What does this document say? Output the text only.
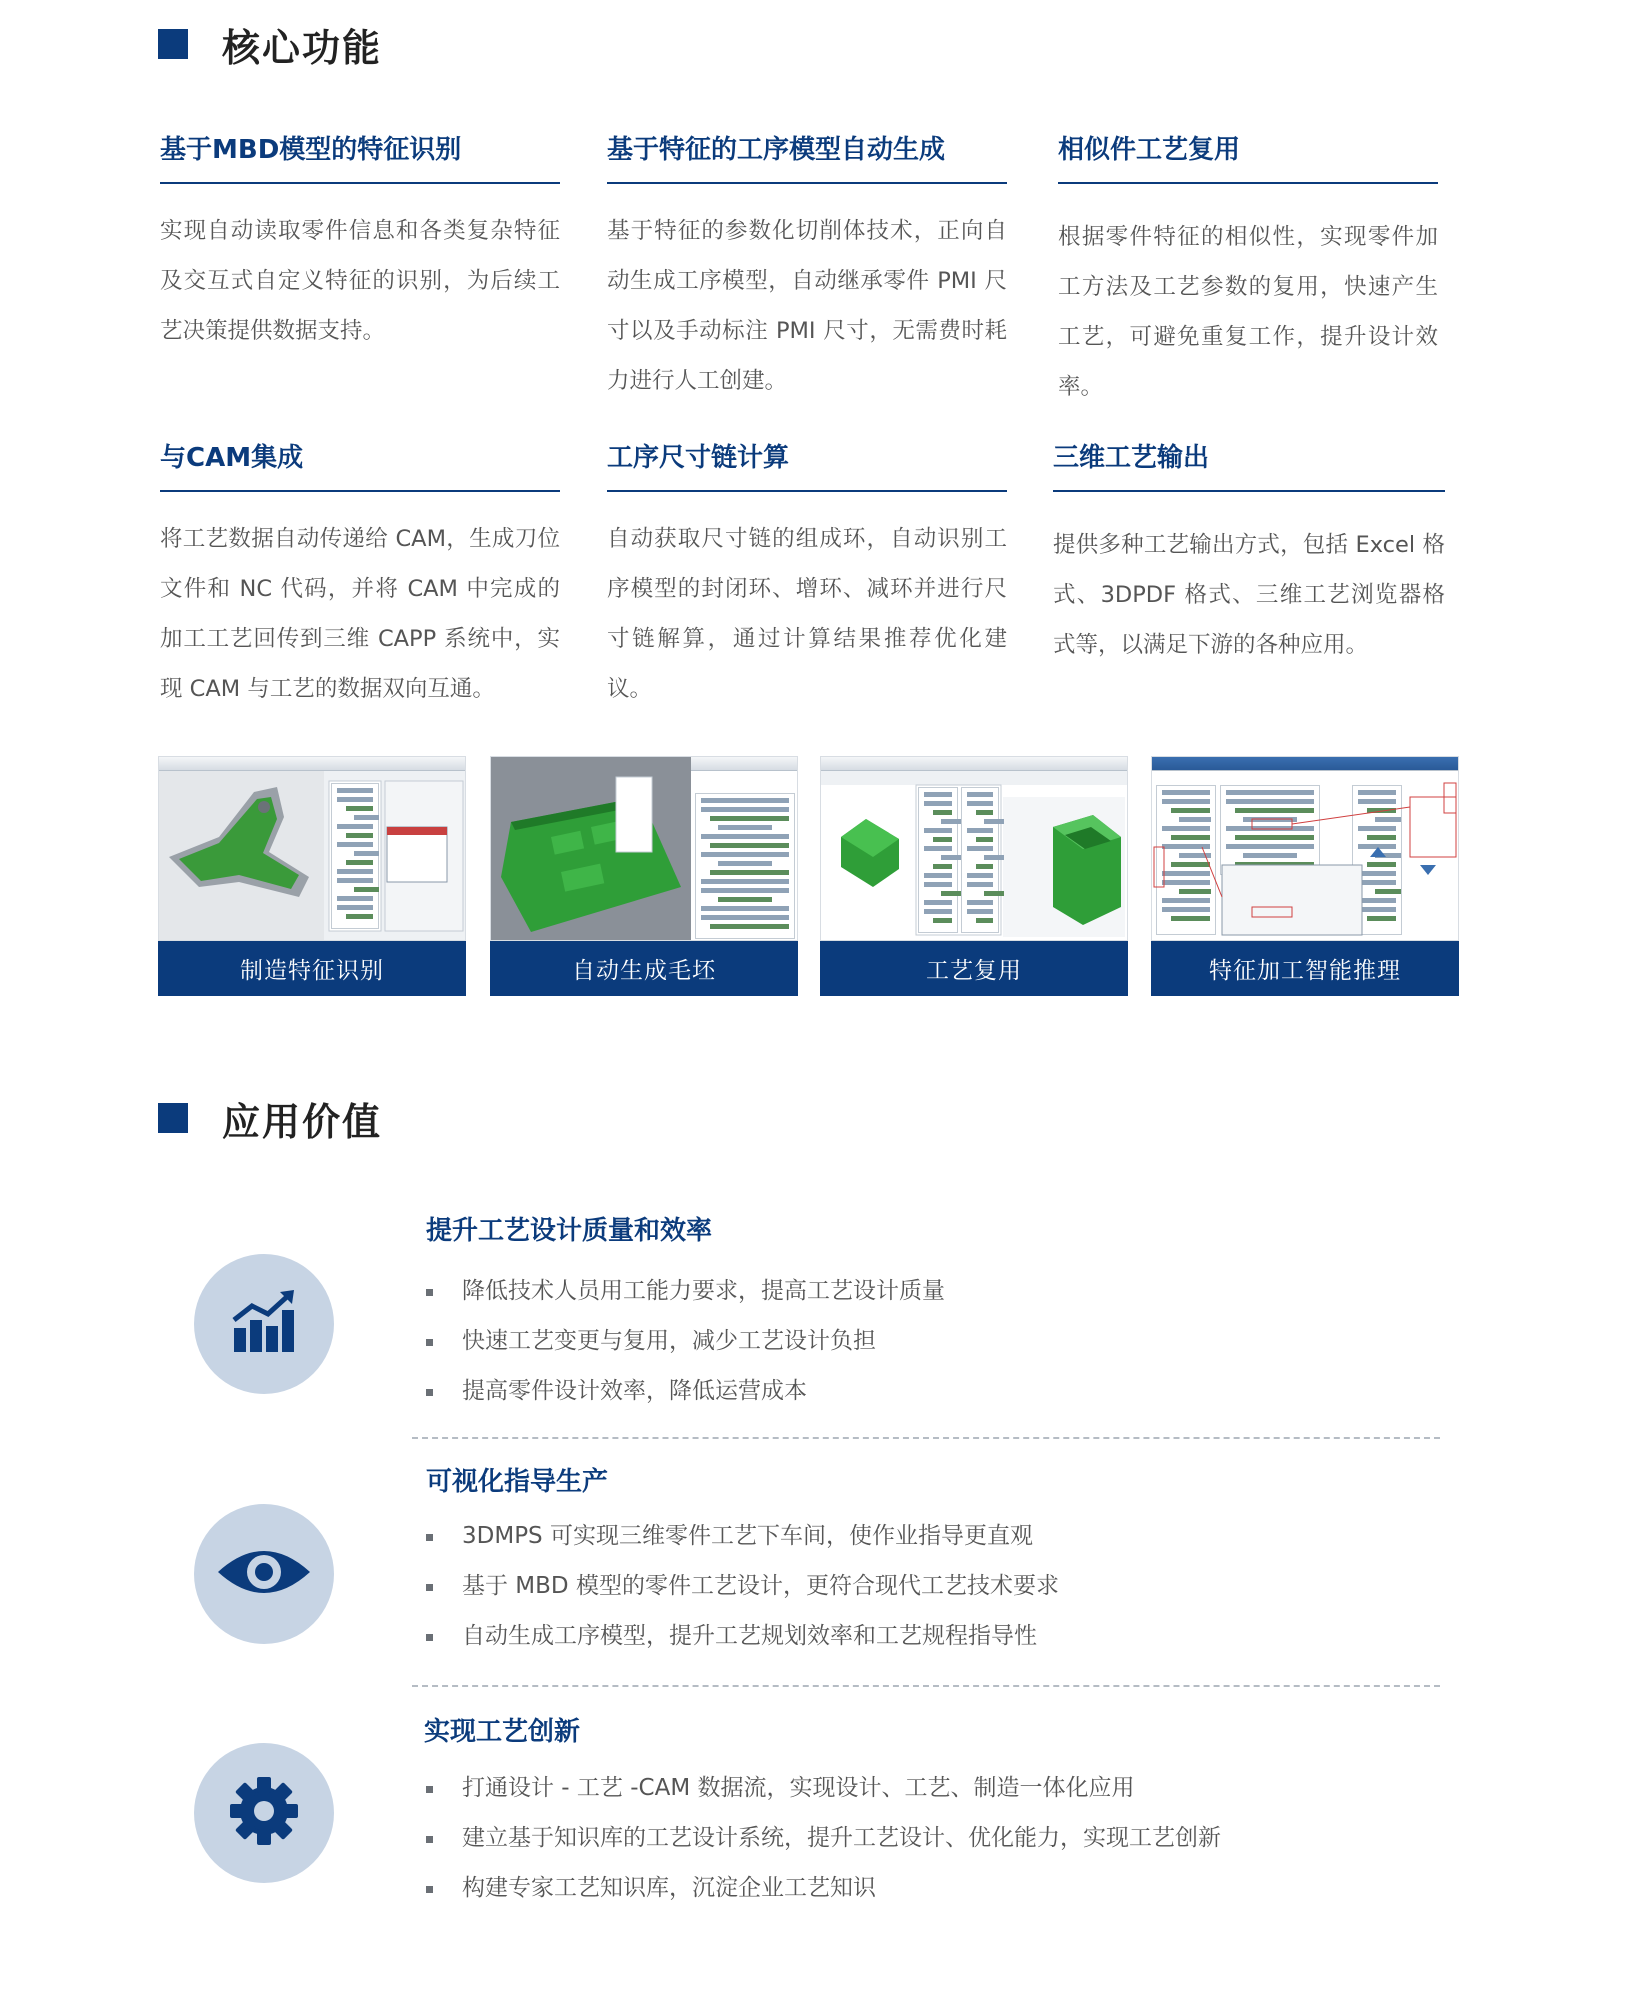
核心功能
基于MBD模型的特征识别
实现自动读取零件信息和各类复杂特征及交互式自定义特征的识别，为后续工艺决策提供数据支持。
基于特征的工序模型自动生成
基于特征的参数化切削体技术，正向自动生成工序模型，自动继承零件 PMI 尺寸以及手动标注 PMI 尺寸，无需费时耗力进行人工创建。
相似件工艺复用
根据零件特征的相似性，实现零件加工方法及工艺参数的复用，快速产生工艺，可避免重复工作，提升设计效率。
与CAM集成
将工艺数据自动传递给 CAM，生成刀位文件和 NC 代码，并将 CAM 中完成的加工工艺回传到三维 CAPP 系统中，实现 CAM 与工艺的数据双向互通。
工序尺寸链计算
自动获取尺寸链的组成环，自动识别工序模型的封闭环、增环、减环并进行尺寸链解算，通过计算结果推荐优化建议。
三维工艺输出
提供多种工艺输出方式，包括 Excel 格式、3DPDF 格式、三维工艺浏览器格式等，以满足下游的各种应用。
制造特征识别	自动生成毛坯	工艺复用	特征加工智能推理
应用价值
提升工艺设计质量和效率
降低技术人员用工能力要求，提高工艺设计质量
快速工艺变更与复用，减少工艺设计负担
提高零件设计效率，降低运营成本
可视化指导生产
3DMPS 可实现三维零件工艺下车间，使作业指导更直观
基于 MBD 模型的零件工艺设计，更符合现代工艺技术要求
自动生成工序模型，提升工艺规划效率和工艺规程指导性
实现工艺创新
打通设计 - 工艺 -CAM 数据流，实现设计、工艺、制造一体化应用
建立基于知识库的工艺设计系统，提升工艺设计、优化能力，实现工艺创新
构建专家工艺知识库，沉淀企业工艺知识
